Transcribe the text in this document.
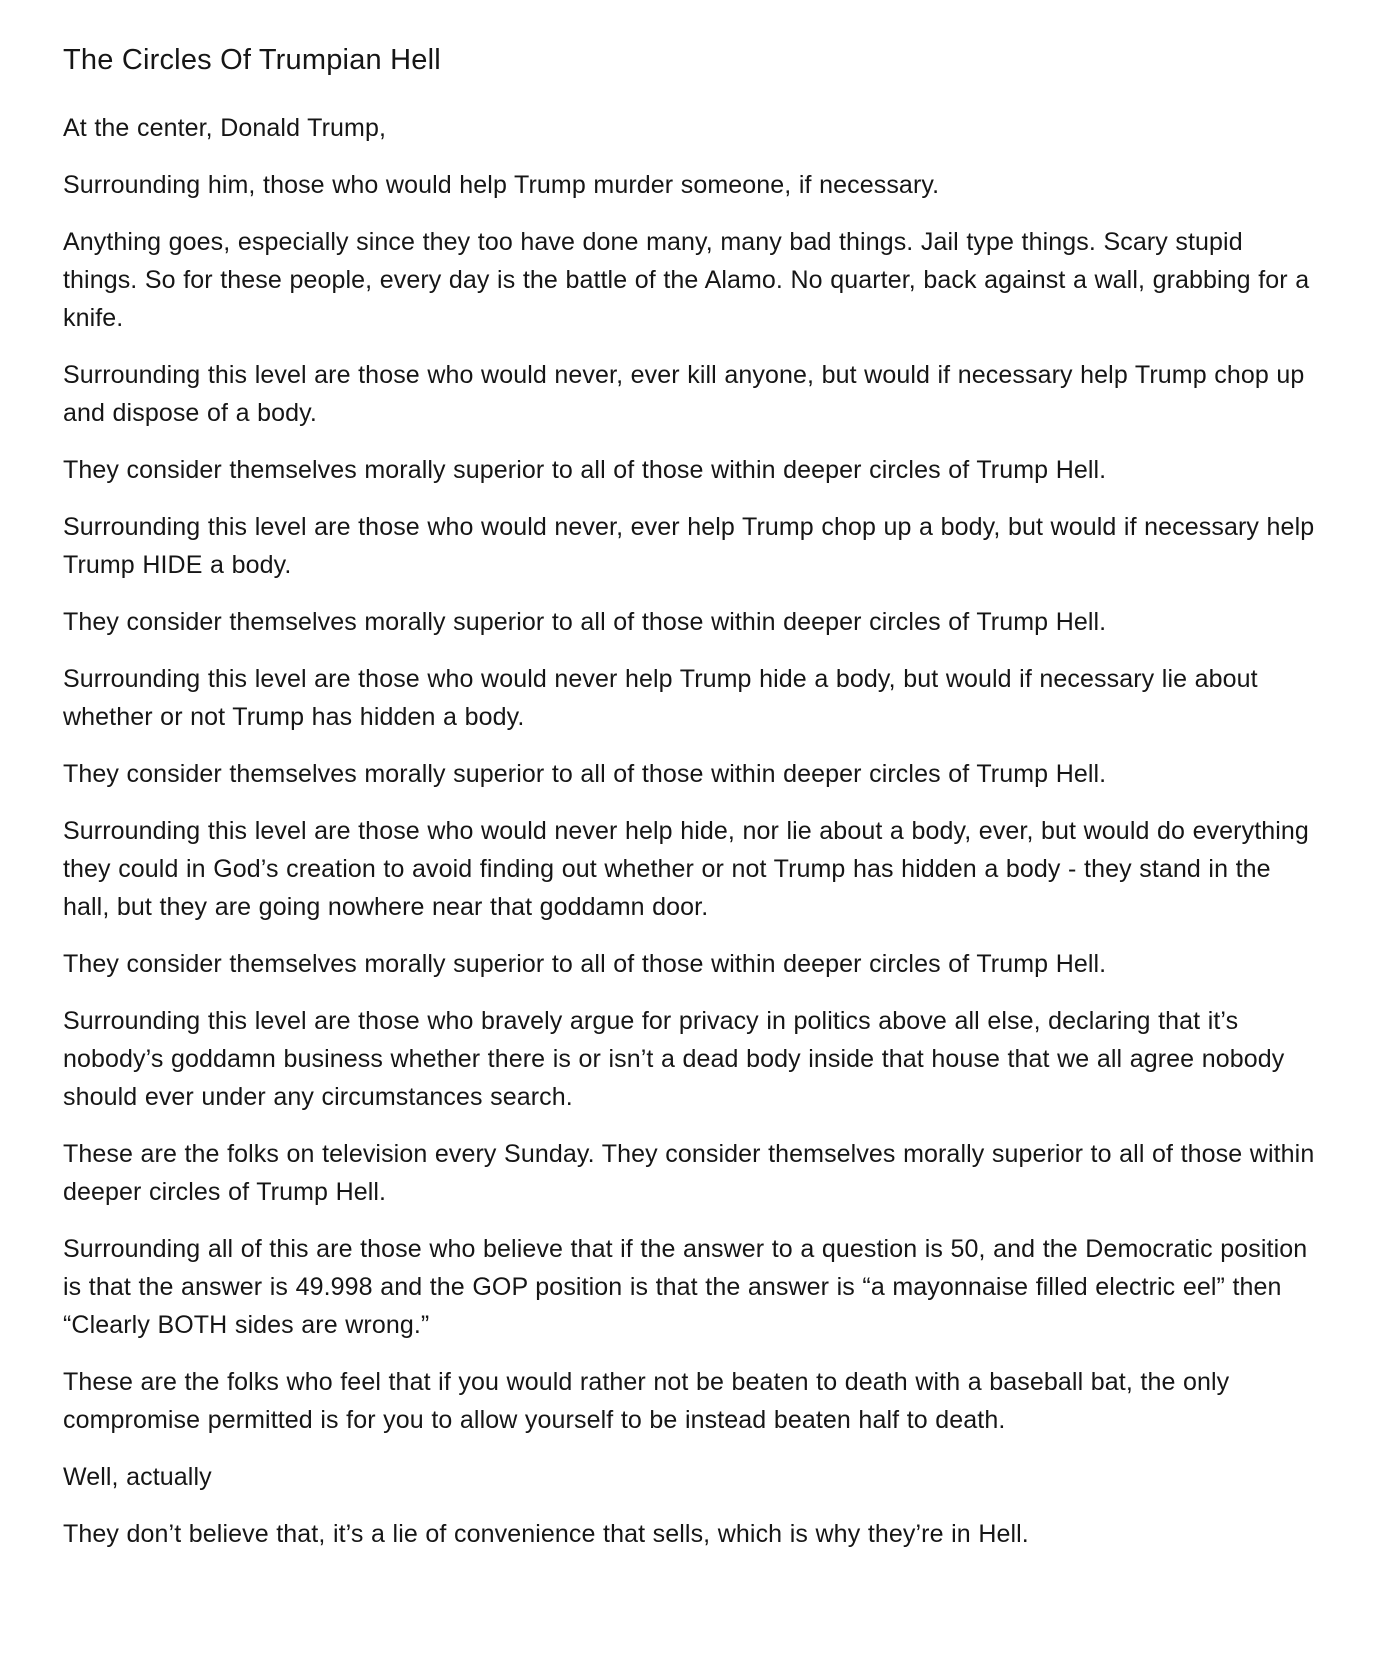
The Circles Of Trumpian Hell

At the center, Donald Trump,

Surrounding him, those who would help Trump murder someone, if necessary.

Anything goes, especially since they too have done many, many bad things. Jail type things. Scary stupid things. So for these people, every day is the battle of the Alamo. No quarter, back against a wall, grabbing for a knife.

Surrounding this level are those who would never, ever kill anyone, but would if necessary help Trump chop up and dispose of a body.

They consider themselves morally superior to all of those within deeper circles of Trump Hell.

Surrounding this level are those who would never, ever help Trump chop up a body, but would if necessary help Trump HIDE a body.

They consider themselves morally superior to all of those within deeper circles of Trump Hell.

Surrounding this level are those who would never help Trump hide a body, but would if necessary lie about whether or not Trump has hidden a body.

They consider themselves morally superior to all of those within deeper circles of Trump Hell.

Surrounding this level are those who would never help hide, nor lie about a body, ever, but would do everything they could in God’s creation to avoid finding out whether or not Trump has hidden a body - they stand in the hall, but they are going nowhere near that goddamn door.

They consider themselves morally superior to all of those within deeper circles of Trump Hell.

Surrounding this level are those who bravely argue for privacy in politics above all else, declaring that it’s nobody’s goddamn business whether there is or isn’t a dead body inside that house that we all agree nobody should ever under any circumstances search.

These are the folks on television every Sunday. They consider themselves morally superior to all of those within deeper circles of Trump Hell.

Surrounding all of this are those who believe that if the answer to a question is 50, and the Democratic position is that the answer is 49.998 and the GOP position is that the answer is “a mayonnaise filled electric eel” then “Clearly BOTH sides are wrong.”

These are the folks who feel that if you would rather not be beaten to death with a baseball bat, the only compromise permitted is for you to allow yourself to be instead beaten half to death.

Well, actually

They don’t believe that, it’s a lie of convenience that sells, which is why they’re in Hell.
